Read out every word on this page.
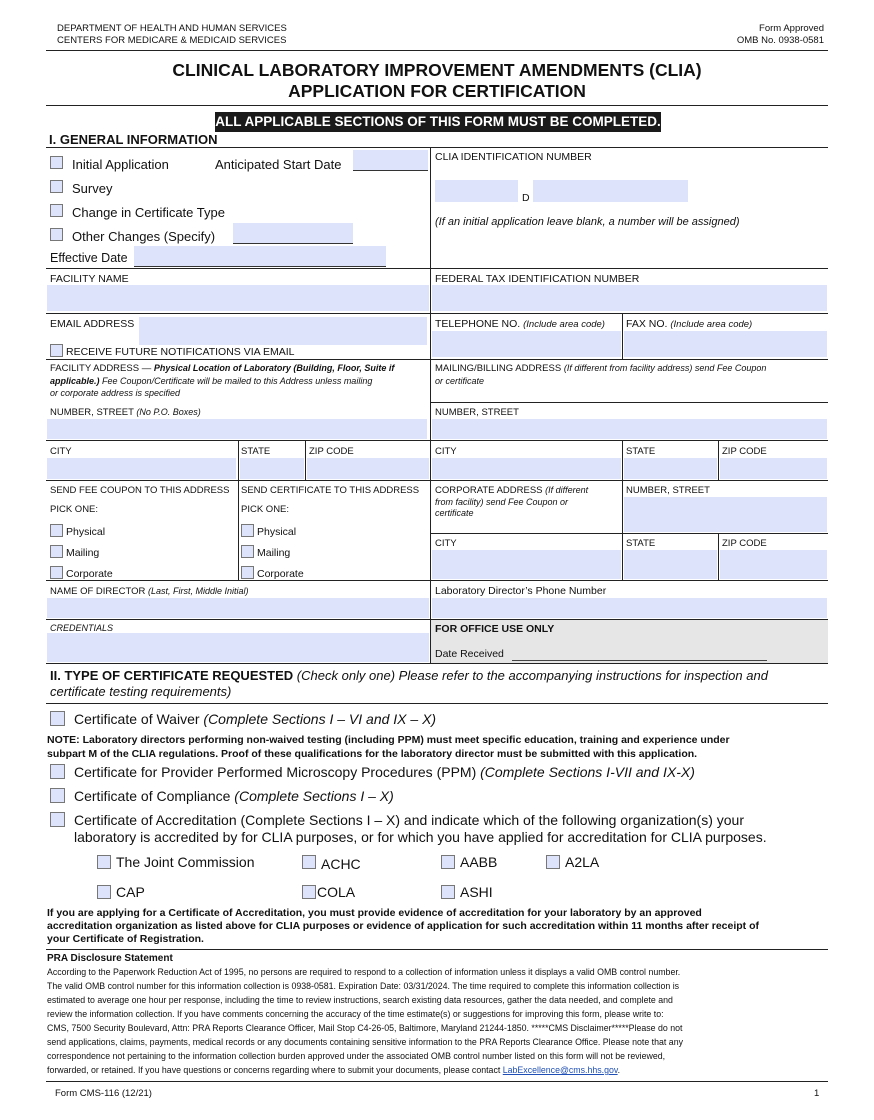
DEPARTMENT OF HEALTH AND HUMAN SERVICES
CENTERS FOR MEDICARE & MEDICAID SERVICES
Form Approved
OMB No. 0938-0581
CLINICAL LABORATORY IMPROVEMENT AMENDMENTS (CLIA)
APPLICATION FOR CERTIFICATION
ALL APPLICABLE SECTIONS OF THIS FORM MUST BE COMPLETED.
I. GENERAL INFORMATION
Initial Application	Anticipated Start Date
Survey
Change in Certificate Type
Other Changes (Specify)
Effective Date
CLIA IDENTIFICATION NUMBER
D
(If an initial application leave blank, a number will be assigned)
FACILITY NAME	FEDERAL TAX IDENTIFICATION NUMBER
EMAIL ADDRESS
RECEIVE FUTURE NOTIFICATIONS VIA EMAIL
TELEPHONE NO. (Include area code) FAX NO. (Include area code)
FACILITY ADDRESS — Physical Location of Laboratory (Building, Floor, Suite if
applicable.) Fee Coupon/Certificate will be mailed to this Address unless mailing
or corporate address is specified
MAILING/BILLING ADDRESS (If different from facility address) send Fee Coupon
or certificate
NUMBER, STREET (No P.O. Boxes)	NUMBER, STREET
CITY	STATE	ZIP CODE	CITY	STATE	ZIP CODE
SEND FEE COUPON TO THIS ADDRESS
PICK ONE:
Physical
Mailing
Corporate
SEND CERTIFICATE TO THIS ADDRESS
PICK ONE:
Physical
Mailing
Corporate
CORPORATE ADDRESS (If different
from facility) send Fee Coupon or
certificate
NUMBER, STREET
CITY	STATE	ZIP CODE
NAME OF DIRECTOR (Last, First, Middle Initial)	Laboratory Director’s Phone Number
CREDENTIALS	FOR OFFICE USE ONLY
Date Received
II. TYPE OF CERTIFICATE REQUESTED (Check only one) Please refer to the accompanying instructions for inspection and
certificate testing requirements)
Certificate of Waiver (Complete Sections I – VI and IX – X)
NOTE: Laboratory directors performing non-waived testing (including PPM) must meet specific education, training and experience under
subpart M of the CLIA regulations. Proof of these qualifications for the laboratory director must be submitted with this application.
Certificate for Provider Performed Microscopy Procedures (PPM) (Complete Sections I-VII and IX-X)
Certificate of Compliance (Complete Sections I – X)
Certificate of Accreditation (Complete Sections I – X) and indicate which of the following organization(s) your
laboratory is accredited by for CLIA purposes, or for which you have applied for accreditation for CLIA purposes.
The Joint Commission	ACHC	AABB	A2LA
CAP	COLA	ASHI
If you are applying for a Certificate of Accreditation, you must provide evidence of accreditation for your laboratory by an approved
accreditation organization as listed above for CLIA purposes or evidence of application for such accreditation within 11 months after receipt of
your Certificate of Registration.
PRA Disclosure Statement
According to the Paperwork Reduction Act of 1995, no persons are required to respond to a collection of information unless it displays a valid OMB control number.
The valid OMB control number for this information collection is 0938-0581. Expiration Date: 03/31/2024. The time required to complete this information collection is
estimated to average one hour per response, including the time to review instructions, search existing data resources, gather the data needed, and complete and
review the information collection. If you have comments concerning the accuracy of the time estimate(s) or suggestions for improving this form, please write to:
CMS, 7500 Security Boulevard, Attn: PRA Reports Clearance Officer, Mail Stop C4-26-05, Baltimore, Maryland 21244-1850. *****CMS Disclaimer*****Please do not
send applications, claims, payments, medical records or any documents containing sensitive information to the PRA Reports Clearance Office. Please note that any
correspondence not pertaining to the information collection burden approved under the associated OMB control number listed on this form will not be reviewed,
forwarded, or retained. If you have questions or concerns regarding where to submit your documents, please contact LabExcellence@cms.hhs.gov.
Form CMS-116 (12/21)	1
